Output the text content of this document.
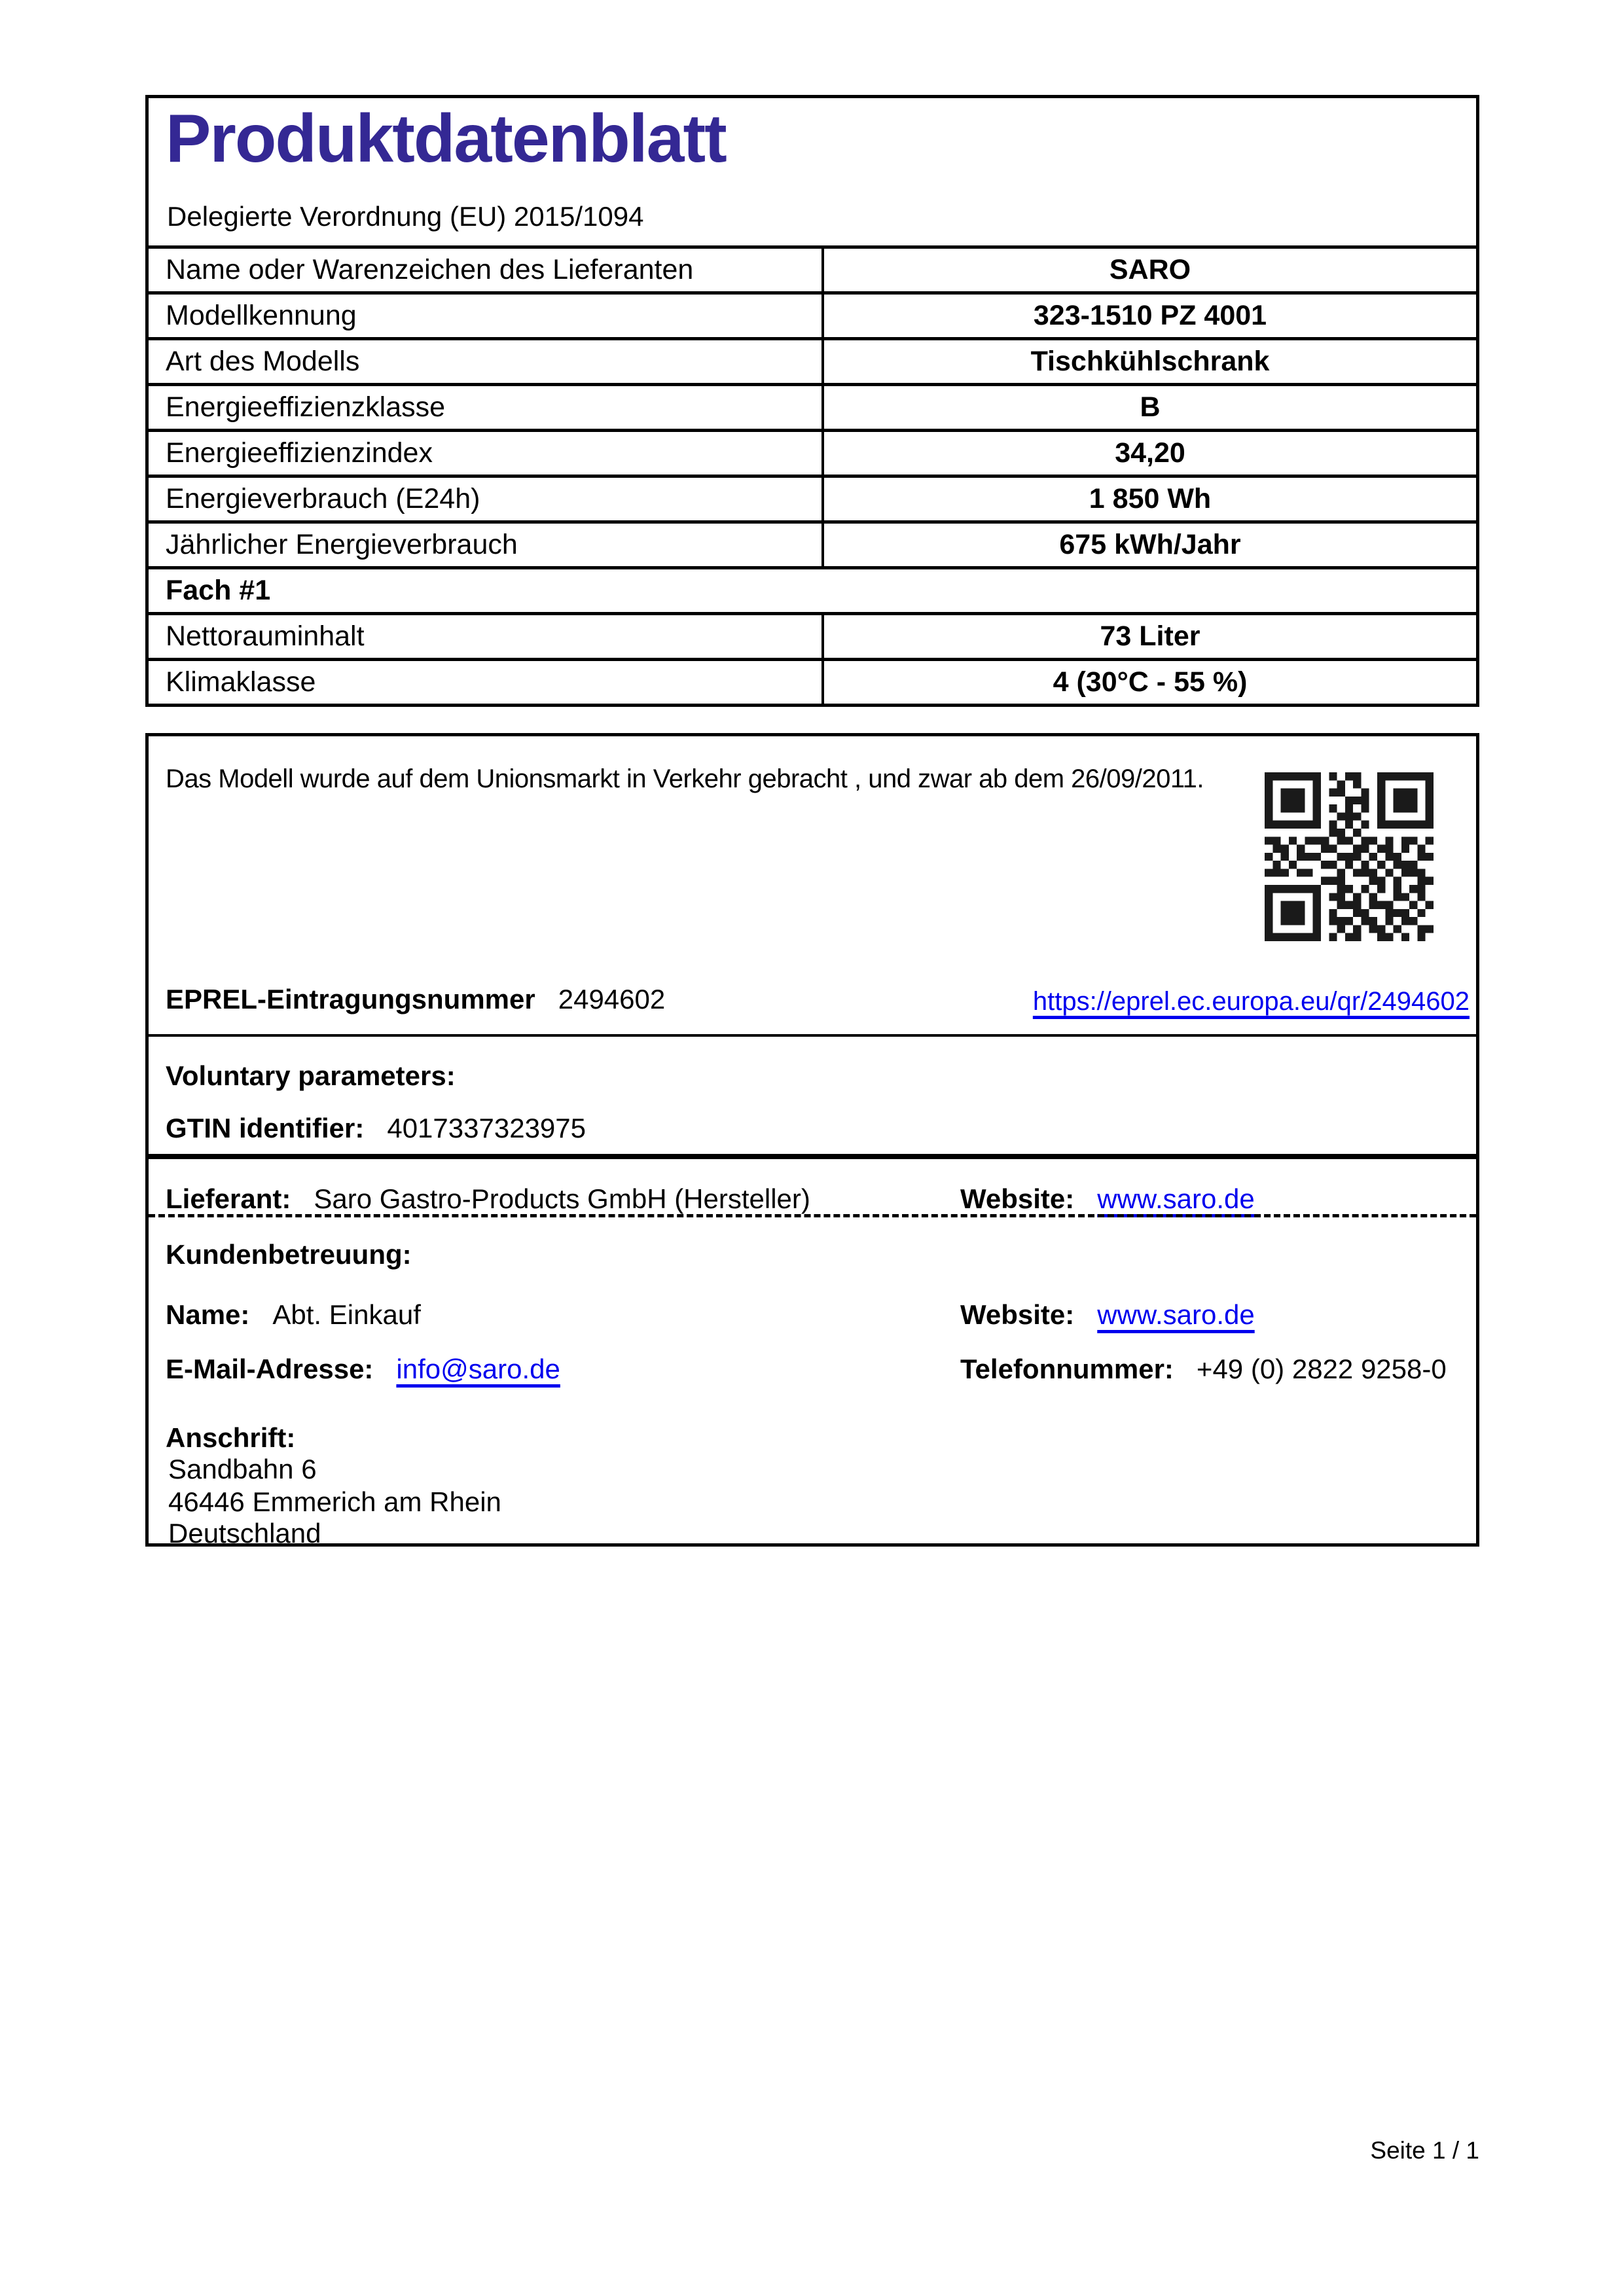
Produktdatenblatt
Delegierte Verordnung (EU) 2015/1094
Name oder Warenzeichen des Lieferanten	SARO
Modellkennung	323-1510 PZ 4001
Art des Modells	Tischkühlschrank
Energieeffizienzklasse	B
Energieeffizienzindex	34,20
Energieverbrauch (E24h)	1 850 Wh
Jährlicher Energieverbrauch	675 kWh/Jahr
Fach #1
Nettorauminhalt	73 Liter
Klimaklasse	4 (30°C - 55 %)
Das Modell wurde auf dem Unionsmarkt in Verkehr gebracht , und zwar ab dem 26/09/2011.
EPREL-Eintragungsnummer 2494602	https://eprel.ec.europa.eu/qr/2494602
Voluntary parameters:
GTIN identifier: 4017337323975
Lieferant: Saro Gastro-Products GmbH (Hersteller)	Website: www.saro.de
Kundenbetreuung:
Name: Abt. Einkauf	Website: www.saro.de
E-Mail-Adresse: info@saro.de	Telefonnummer: +49 (0) 2822 9258-0
Anschrift:
Sandbahn 6
46446 Emmerich am Rhein
Deutschland
Seite 1 / 1
